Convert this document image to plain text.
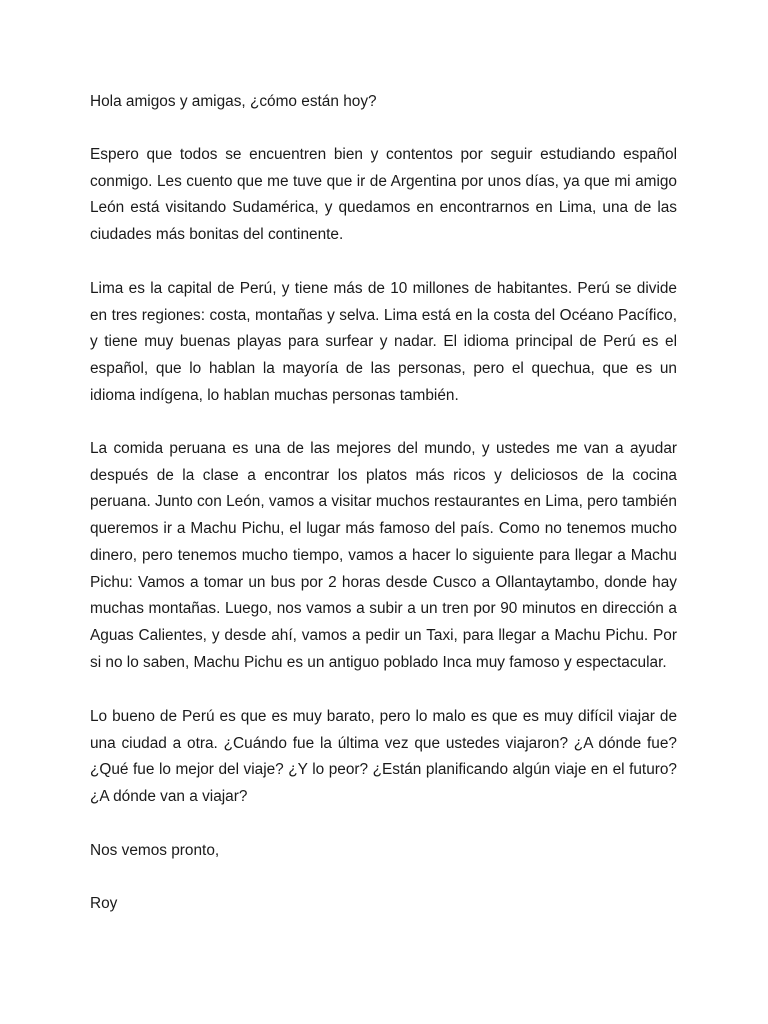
Hola amigos y amigas, ¿cómo están hoy?

Espero que todos se encuentren bien y contentos por seguir estudiando español conmigo. Les cuento que me tuve que ir de Argentina por unos días, ya que mi amigo León está visitando Sudamérica, y quedamos en encontrarnos en Lima, una de las ciudades más bonitas del continente.

Lima es la capital de Perú, y tiene más de 10 millones de habitantes. Perú se divide en tres regiones: costa, montañas y selva. Lima está en la costa del Océano Pacífico, y tiene muy buenas playas para surfear y nadar. El idioma principal de Perú es el español, que lo hablan la mayoría de las personas, pero el quechua, que es un idioma indígena, lo hablan muchas personas también.

La comida peruana es una de las mejores del mundo, y ustedes me van a ayudar después de la clase a encontrar los platos más ricos y deliciosos de la cocina peruana. Junto con León, vamos a visitar muchos restaurantes en Lima, pero también queremos ir a Machu Pichu, el lugar más famoso del país. Como no tenemos mucho dinero, pero tenemos mucho tiempo, vamos a hacer lo siguiente para llegar a Machu Pichu: Vamos a tomar un bus por 2 horas desde Cusco a Ollantaytambo, donde hay muchas montañas. Luego, nos vamos a subir a un tren por 90 minutos en dirección a Aguas Calientes, y desde ahí, vamos a pedir un Taxi, para llegar a Machu Pichu. Por si no lo saben, Machu Pichu es un antiguo poblado Inca muy famoso y espectacular.

Lo bueno de Perú es que es muy barato, pero lo malo es que es muy difícil viajar de una ciudad a otra. ¿Cuándo fue la última vez que ustedes viajaron? ¿A dónde fue? ¿Qué fue lo mejor del viaje? ¿Y lo peor? ¿Están planificando algún viaje en el futuro? ¿A dónde van a viajar?

Nos vemos pronto,

Roy
